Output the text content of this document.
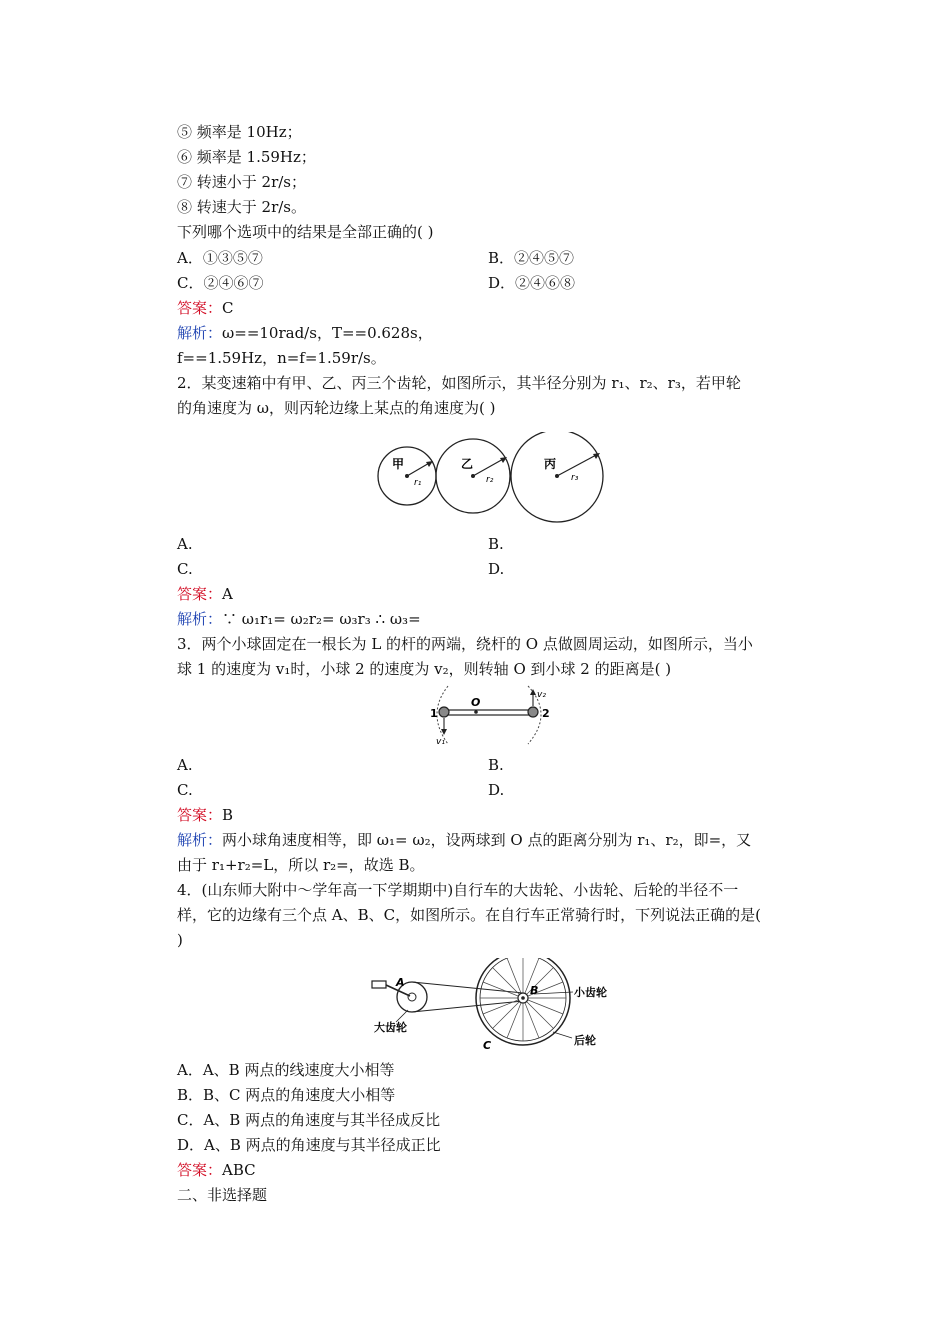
⑤ 频率是 10Hz；
⑥ 频率是 1.59Hz；
⑦ 转速小于 2r/s；
⑧ 转速大于 2r/s。
下列哪个选项中的结果是全部正确的( )
A．①③⑤⑦	B．②④⑤⑦
C．②④⑥⑦	D．②④⑥⑧
答案：C
解析：ω==10rad/s，T==0.628s，
f==1.59Hz，n=f=1.59r/s。
2．某变速箱中有甲、乙、丙三个齿轮，如图所示，其半径分别为 r₁、r₂、r₃，若甲轮
的角速度为 ω，则丙轮边缘上某点的角速度为( )
甲	乙	丙
r₁	r₂	r₃
A.	B.
C.	D.
答案：A
解析：∵ ω₁r₁= ω₂r₂= ω₃r₃ ∴ ω₃=
3．两个小球固定在一根长为 L 的杆的两端，绕杆的 O 点做圆周运动，如图所示，当小
球 1 的速度为 v₁时，小球 2 的速度为 v₂，则转轴 O 到小球 2 的距离是( )
1	2
O
v₁
v₂
A.	B.
C.	D.
答案：B
解析：两小球角速度相等，即 ω₁= ω₂，设两球到 O 点的距离分别为 r₁、r₂，即=，又
由于 r₁+r₂=L，所以 r₂=，故选 B。
4．(山东师大附中～学年高一下学期期中)自行车的大齿轮、小齿轮、后轮的半径不一
样，它的边缘有三个点 A、B、C，如图所示。在自行车正常骑行时，下列说法正确的是(
)
A
B
C
小齿轮
大齿轮
后轮
A．A、B 两点的线速度大小相等
B．B、C 两点的角速度大小相等
C．A、B 两点的角速度与其半径成反比
D．A、B 两点的角速度与其半径成正比
答案：ABC
二、非选择题
